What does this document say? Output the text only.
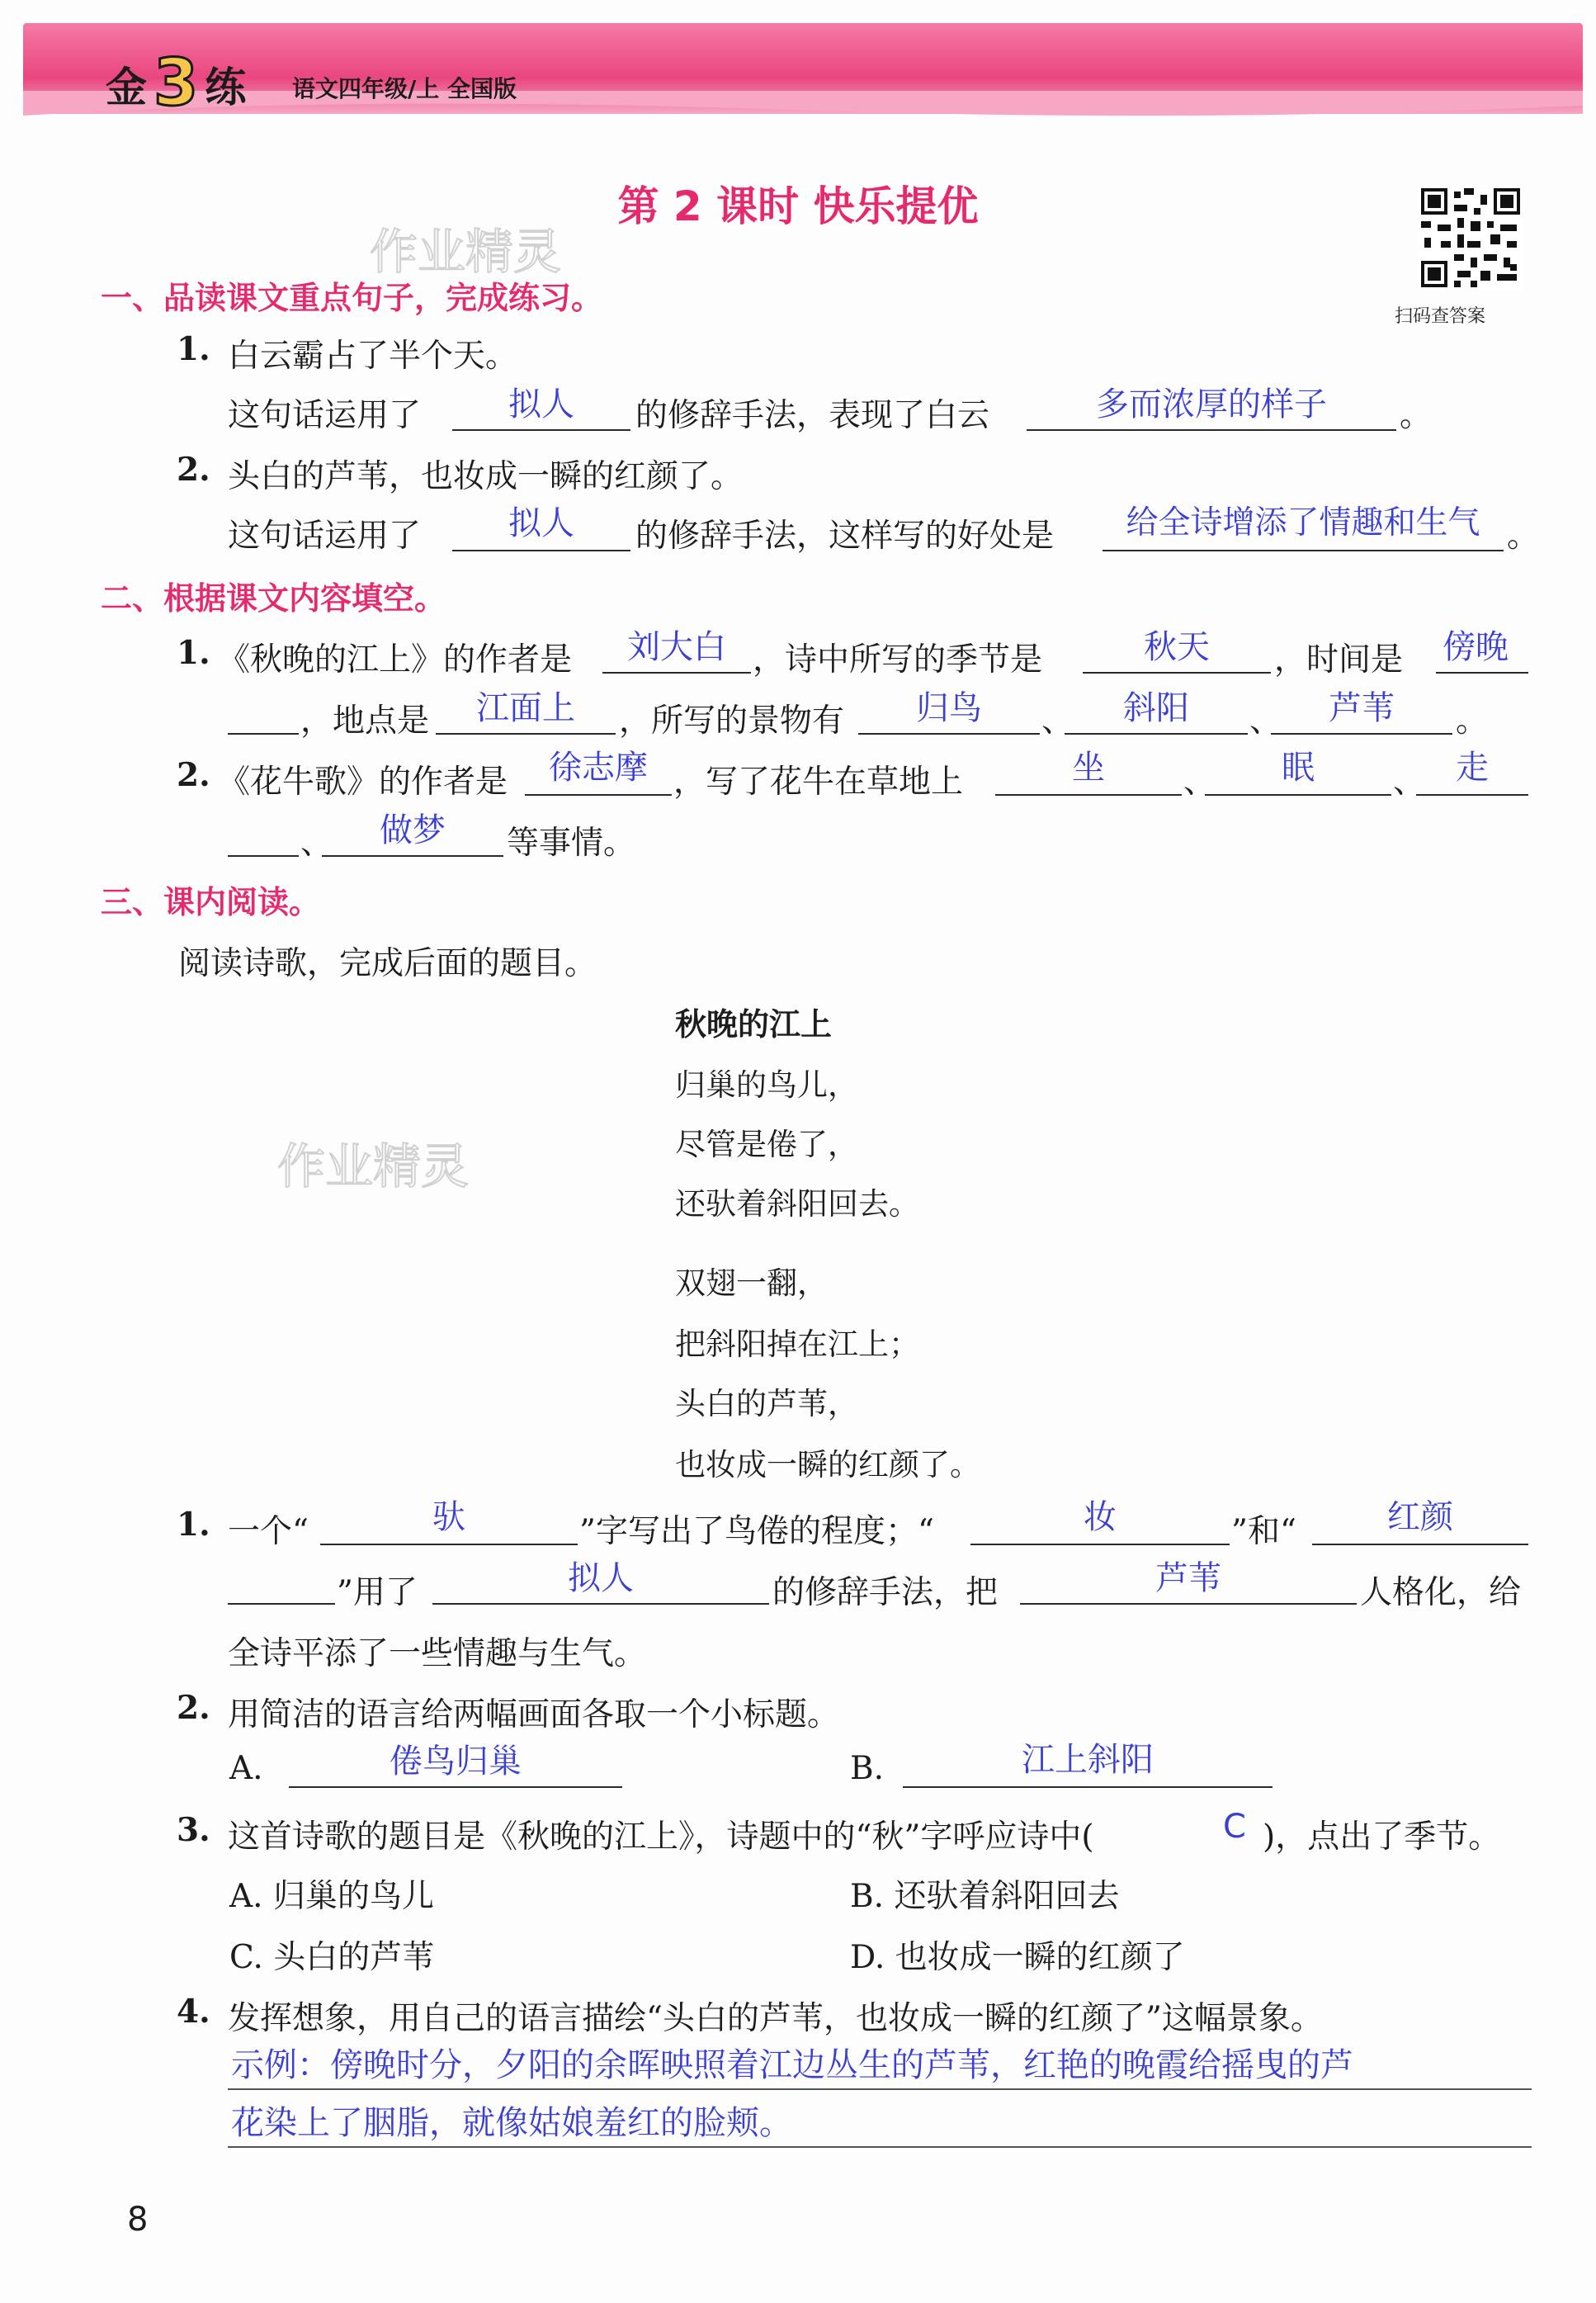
金 3 练 语文四年级/上 全国版
第 2 课时 快乐提优
扫码查答案
作业精灵
作业精灵
一、品读课文重点句子，完成练习。
1. 白云霸占了半个天。
这句话运用了	拟人	的修辞手法，表现了白云	多而浓厚的样子	。
2. 头白的芦苇，也妆成一瞬的红颜了。
这句话运用了	拟人	的修辞手法，这样写的好处是	给全诗增添了情趣和生气 。
二、根据课文内容填空。
1. 《秋晚的江上》的作者是	刘大白 ，诗中所写的季节是	秋天	，时间是	傍晚
，地点是	江面上	，所写的景物有	归鸟	、	斜阳	、	芦苇	。
2. 《花牛歌》的作者是	徐志摩 ，写了花牛在草地上	坐	、	眠	、 走
、	做梦	等事情。
三、课内阅读。
阅读诗歌，完成后面的题目。
秋晚的江上
归巢的鸟儿，
尽管是倦了，
还驮着斜阳回去。
双翅一翻，
把斜阳掉在江上；
头白的芦苇，
也妆成一瞬的红颜了。
1. 一个“	驮	”字写出了鸟倦的程度；“	妆	”和“	红颜
”用了	拟人	的修辞手法，把	芦苇	人格化，给
全诗平添了一些情趣与生气。
2. 用简洁的语言给两幅画面各取一个小标题。
A.	倦鸟归巢	B.	江上斜阳
3. 这首诗歌的题目是《秋晚的江上》，诗题中的“秋”字呼应诗中(	C )，点出了季节。
A. 归巢的鸟儿	B. 还驮着斜阳回去
C. 头白的芦苇	D. 也妆成一瞬的红颜了
4. 发挥想象，用自己的语言描绘“头白的芦苇，也妆成一瞬的红颜了”这幅景象。
示例：傍晚时分，夕阳的余晖映照着江边丛生的芦苇，红艳的晚霞给摇曳的芦
花染上了胭脂，就像姑娘羞红的脸颊。
8
